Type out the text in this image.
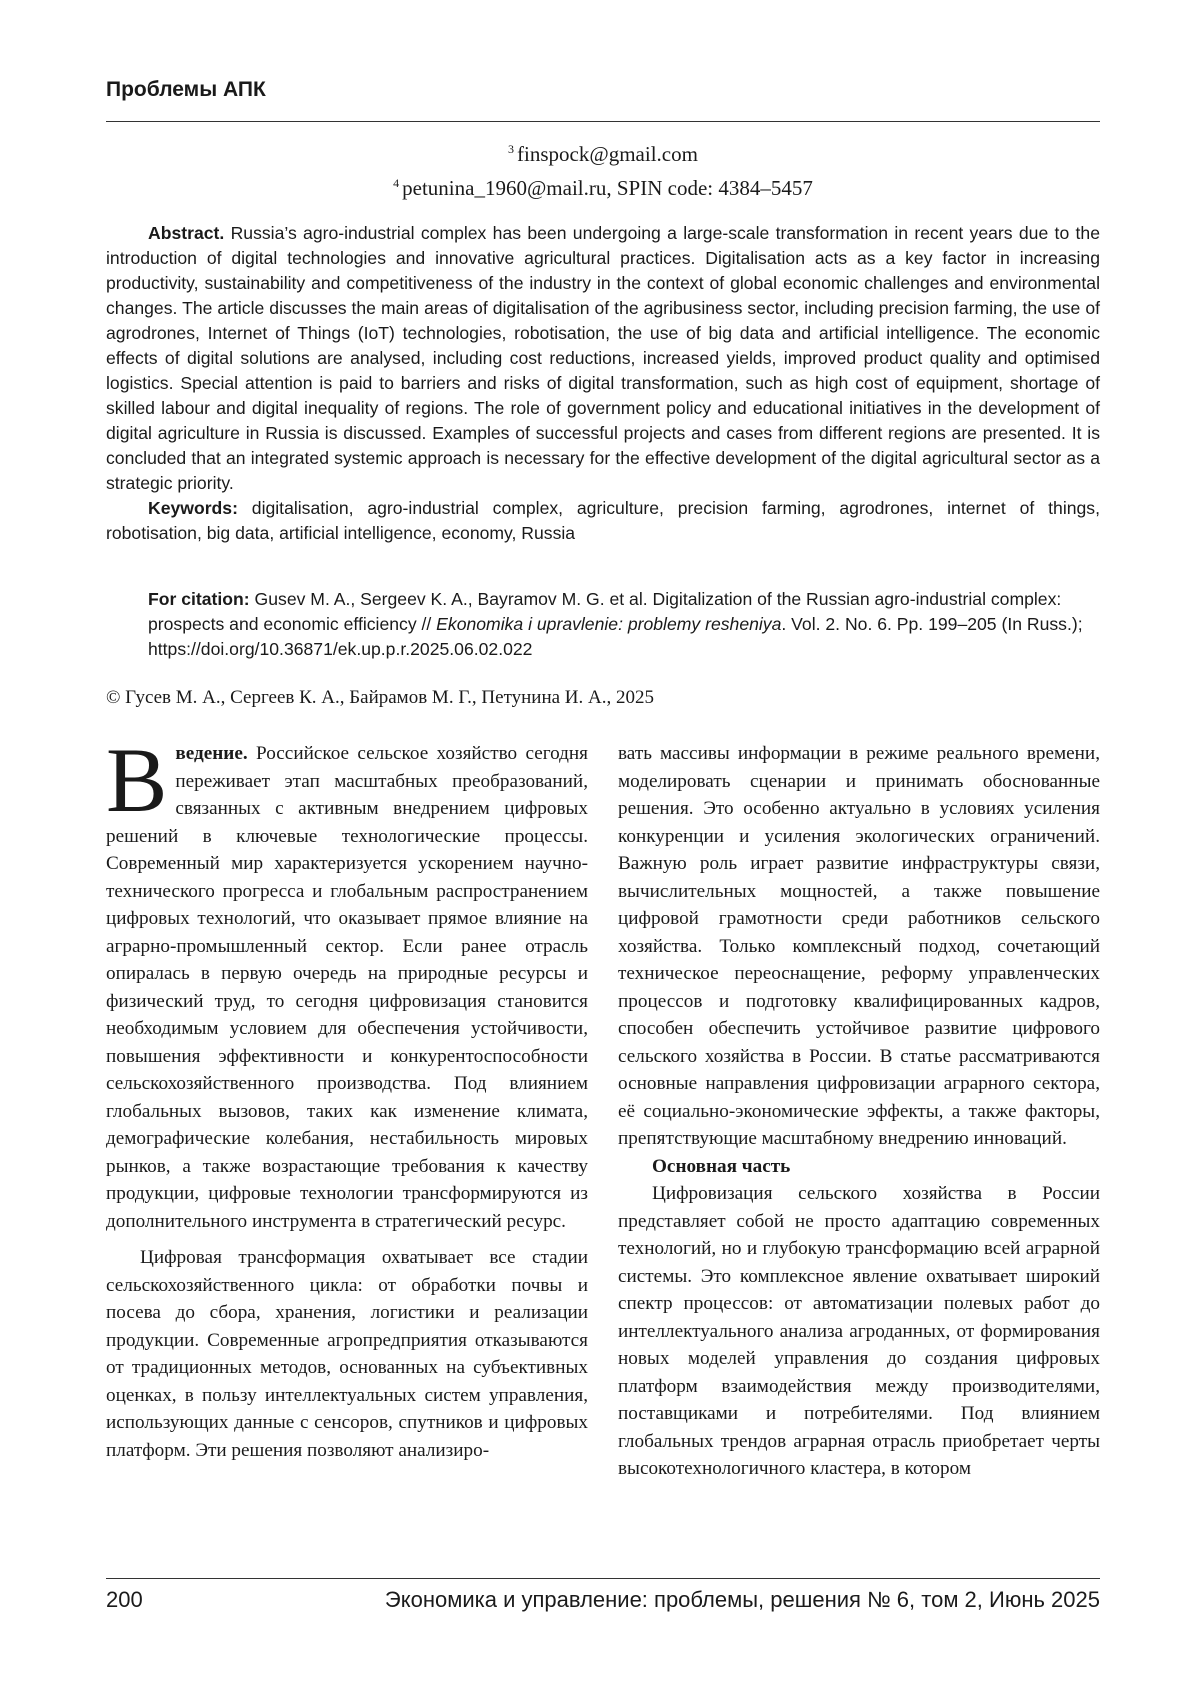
Проблемы АПК
$^3$ finspock@gmail.com
$^4$ petunina_1960@mail.ru, SPIN code: 4384–5457

Abstract. Russia’s agro-industrial complex has been undergoing a large-scale transformation in recent years due to the introduction of digital technologies and innovative agricultural practices. Digitalisation acts as a key factor in increasing productivity, sustainability and competitiveness of the industry in the context of global economic challenges and environmental changes. The article discusses the main areas of digitalisation of the agribusiness sector, including precision farming, the use of agrodrones, Internet of Things (IoT) technologies, robotisation, the use of big data and artificial intelligence. The economic effects of digital solutions are analysed, including cost reductions, increased yields, improved product quality and optimised logistics. Special attention is paid to barriers and risks of digital transformation, such as high cost of equipment, shortage of skilled labour and digital inequality of regions. The role of government policy and educational initiatives in the development of digital agriculture in Russia is discussed. Examples of successful projects and cases from different regions are presented. It is concluded that an integrated systemic approach is necessary for the effective development of the digital agricultural sector as a strategic priority.

Keywords: digitalisation, agro-industrial complex, agriculture, precision farming, agrodrones, internet of things, robotisation, big data, artificial intelligence, economy, Russia

For citation: Gusev M. A., Sergeev K. A., Bayramov M. G. et al. Digitalization of the Russian agro-industrial complex: prospects and economic efficiency // Ekonomika i upravlenie: problemy resheniya. Vol. 2. No. 6. Pp. 199–205 (In Russ.); https://doi.org/10.36871/ek.up.p.r.2025.06.02.022

© Гусев М. А., Сергеев К. А., Байрамов М. Г., Петунина И. А., 2025

Введение. Российское сельское хозяйство сегодня переживает этап масштабных преобразований, связанных с активным внедрением цифровых решений в ключевые технологические процессы. Современный мир характеризуется ускорением научно-технического прогресса и глобальным распространением цифровых технологий, что оказывает прямое влияние на аграрно-промышленный сектор. Если ранее отрасль опиралась в первую очередь на природные ресурсы и физический труд, то сегодня цифровизация становится необходимым условием для обеспечения устойчивости, повышения эффективности и конкурентоспособности сельскохозяйственного производства. Под влиянием глобальных вызовов, таких как изменение климата, демографические колебания, нестабильность мировых рынков, а также возрастающие требования к качеству продукции, цифровые технологии трансформируются из дополнительного инструмента в стратегический ресурс.

Цифровая трансформация охватывает все стадии сельскохозяйственного цикла: от обработки почвы и посева до сбора, хранения, логистики и реализации продукции. Современные агропредприятия отказываются от традиционных методов, основанных на субъективных оценках, в пользу интеллектуальных систем управления, использующих данные с сенсоров, спутников и цифровых платформ. Эти решения позволяют анализиро-

вать массивы информации в режиме реального времени, моделировать сценарии и принимать обоснованные решения. Это особенно актуально в условиях усиления конкуренции и усиления экологических ограничений. Важную роль играет развитие инфраструктуры связи, вычислительных мощностей, а также повышение цифровой грамотности среди работников сельского хозяйства. Только комплексный подход, сочетающий техническое переоснащение, реформу управленческих процессов и подготовку квалифицированных кадров, способен обеспечить устойчивое развитие цифрового сельского хозяйства в России. В статье рассматриваются основные направления цифровизации аграрного сектора, её социально-экономические эффекты, а также факторы, препятствующие масштабному внедрению инноваций.

Основная часть

Цифровизация сельского хозяйства в России представляет собой не просто адаптацию современных технологий, но и глубокую трансформацию всей аграрной системы. Это комплексное явление охватывает широкий спектр процессов: от автоматизации полевых работ до интеллектуального анализа агроданных, от формирования новых моделей управления до создания цифровых платформ взаимодействия между производителями, поставщиками и потребителями. Под влиянием глобальных трендов аграрная отрасль приобретает черты высокотехнологичного кластера, в котором

200	Экономика и управление: проблемы, решения № 6, том 2, Июнь 2025
